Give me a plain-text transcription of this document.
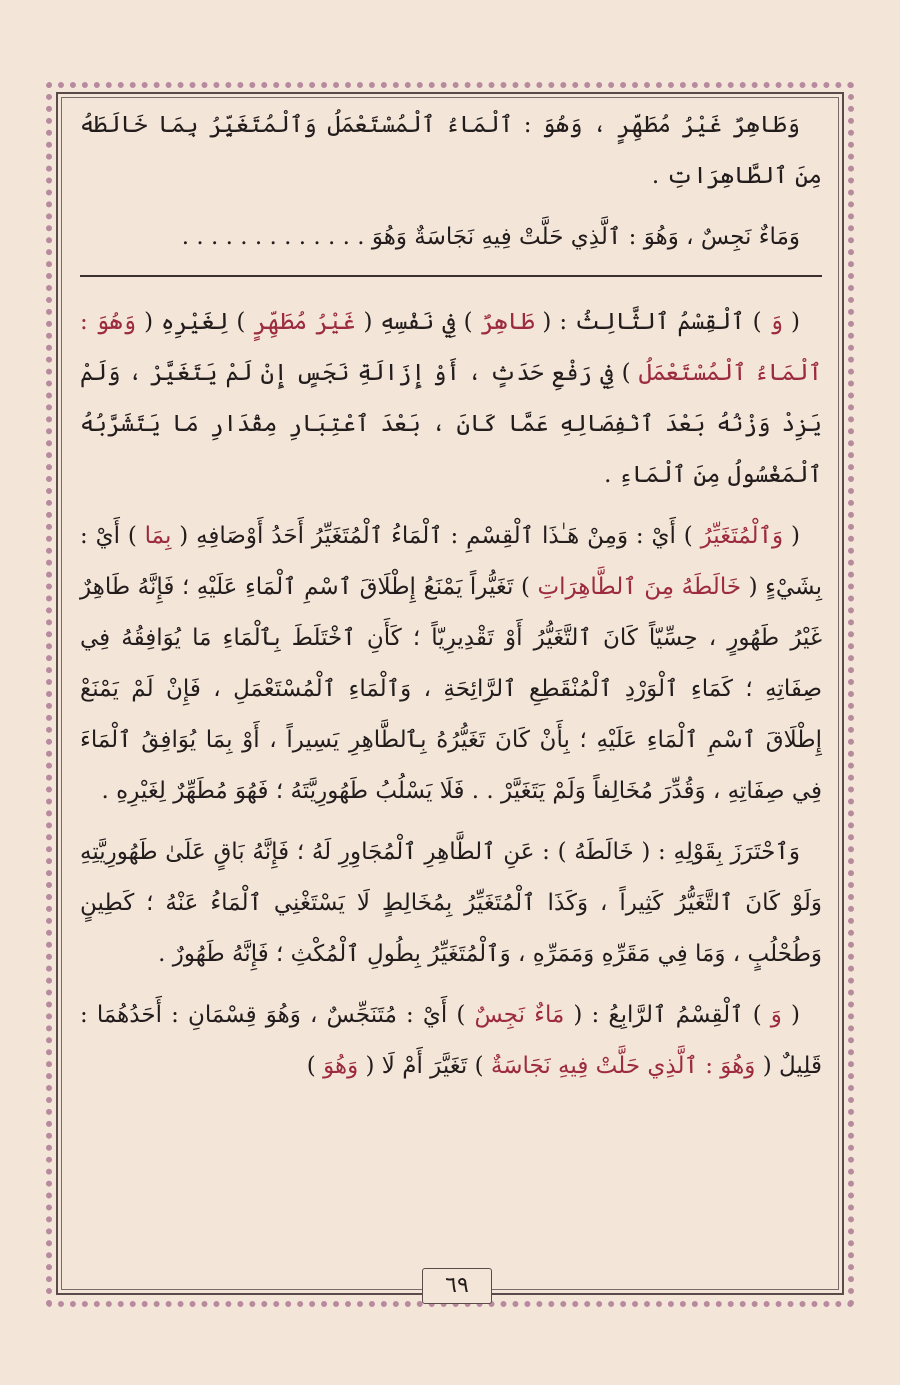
وَطَاهِرٌ غَيْرُ مُطَهِّرٍ ، وَهُوَ : ٱلْمَاءُ ٱلْمُسْتَعْمَلُ وَٱلْمُتَغَيِّرُ بِمَا خَالَطَهُ مِنَ ٱلطَّاهِرَاتِ .

وَمَاءٌ نَجِسٌ ، وَهُوَ : ٱلَّذِي حَلَّتْ فِيهِ نَجَاسَةٌ وَهُوَ . . . . . . . . . . . . .

( وَ ) ٱلْقِسْمُ ٱلثَّالِثُ : ( طَاهِرٌ ) فِي نَفْسِهِ ( غَيْرُ مُطَهِّرٍ ) لِغَيْرِهِ ( وَهُوَ : ٱلْمَاءُ ٱلْمُسْتَعْمَلُ ) فِي رَفْعِ حَدَثٍ ، أَوْ إِزَالَةِ نَجَسٍ إِنْ لَمْ يَتَغَيَّرْ ، وَلَمْ يَزِدْ وَزْنُهُ بَعْدَ ٱنْفِصَالِهِ عَمَّا كَانَ ، بَعْدَ ٱعْتِبَارِ مِقْدَارِ مَا يَتَشَرَّبُهُ ٱلْمَغْسُولُ مِنَ ٱلْمَاءِ .

( وَٱلْمُتَغَيِّرُ ) أَيْ : وَمِنْ هَـٰذَا ٱلْقِسْمِ : ٱلْمَاءُ ٱلْمُتَغَيِّرُ أَحَدُ أَوْصَافِهِ ( بِمَا ) أَيْ : بِشَيْءٍ ( خَالَطَهُ مِنَ ٱلطَّاهِرَاتِ ) تَغَيُّراً يَمْنَعُ إِطْلَاقَ ٱسْمِ ٱلْمَاءِ عَلَيْهِ ؛ فَإِنَّهُ طَاهِرٌ غَيْرُ طَهُورٍ ، حِسِّيّاً كَانَ ٱلتَّغَيُّرُ أَوْ تَقْدِيرِيّاً ؛ كَأَنِ ٱخْتَلَطَ بِٱلْمَاءِ مَا يُوَافِقُهُ فِي صِفَاتِهِ ؛ كَمَاءِ ٱلْوَرْدِ ٱلْمُنْقَطِعِ ٱلرَّائِحَةِ ، وَٱلْمَاءِ ٱلْمُسْتَعْمَلِ ، فَإِنْ لَمْ يَمْنَعْ إِطْلَاقَ ٱسْمِ ٱلْمَاءِ عَلَيْهِ ؛ بِأَنْ كَانَ تَغَيُّرُهُ بِٱلطَّاهِرِ يَسِيراً ، أَوْ بِمَا يُوَافِقُ ٱلْمَاءَ فِي صِفَاتِهِ ، وَقُدِّرَ مُخَالِفاً وَلَمْ يَتَغَيَّرْ . . فَلَا يَسْلُبُ طَهُورِيَّتَهُ ؛ فَهُوَ مُطَهِّرٌ لِغَيْرِهِ .

وَٱحْتَرَزَ بِقَوْلِهِ : ( خَالَطَهُ ) : عَنِ ٱلطَّاهِرِ ٱلْمُجَاوِرِ لَهُ ؛ فَإِنَّهُ بَاقٍ عَلَىٰ طَهُورِيَّتِهِ وَلَوْ كَانَ ٱلتَّغَيُّرُ كَثِيراً ، وَكَذَا ٱلْمُتَغَيِّرُ بِمُخَالِطٍ لَا يَسْتَغْنِي ٱلْمَاءُ عَنْهُ ؛ كَطِينٍ وَطُحْلُبٍ ، وَمَا فِي مَقَرِّهِ وَمَمَرِّهِ ، وَٱلْمُتَغَيِّرُ بِطُولِ ٱلْمُكْثِ ؛ فَإِنَّهُ طَهُورٌ .

( وَ ) ٱلْقِسْمُ ٱلرَّابِعُ : ( مَاءٌ نَجِسٌ ) أَيْ : مُتَنَجِّسٌ ، وَهُوَ قِسْمَانِ : أَحَدُهُمَا : قَلِيلٌ ( وَهُوَ : ٱلَّذِي حَلَّتْ فِيهِ نَجَاسَةٌ ) تَغَيَّرَ أَمْ لَا ( وَهُوَ )

٦٩
